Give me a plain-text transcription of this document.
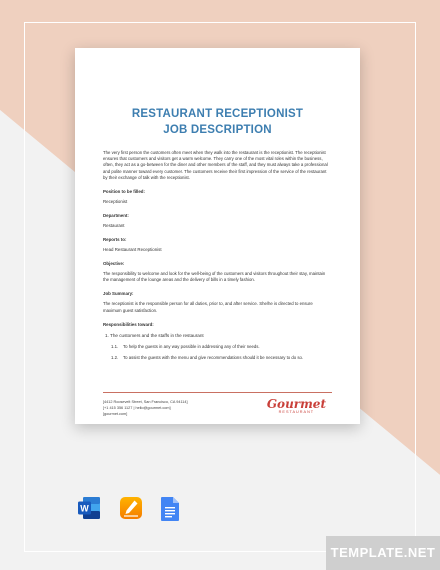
RESTAURANT RECEPTIONIST
JOB DESCRIPTION
The very first person the customers often meet when they walk into the restaurant is the receptionist. The receptionist ensures that customers and visitors get a warm welcome. They carry one of the most vital roles within the business, often, they act as a go-between for the diner and other members of the staff, and they must always take a professional and polite manner toward every customer. The customers receive their first impression of the service of the restaurant by their exchange of talk with the receptionist.
Position to be filled:
Receptionist
Department:
Restaurant
Reports to:
Head Restaurant Receptionist
Objective:
The responsibility to welcome and look for the well-being of the customers and visitors throughout their stay, maintain the management of the lounge areas and the delivery of bills in a timely fashion.
Job Summary:
The receptionist is the responsible person for all duties, prior to, and after service. She/he is directed to ensure maximum guest satisfaction.
Responsibilities toward:
1. The customers and the staffs in the restaurant
1.1.	To help the guests in any way possible in addressing any of their needs.
1.2.	To assist the guests with the menu and give recommendations should it be necessary to do so.
[4412 Roosevelt Street, San Francisco, CA 94114]
[+1 415 356 1127 | hello@gourmet.com]
[gourmet.com]
Gourmet
RESTAURANT
W
TEMPLATE.NET
